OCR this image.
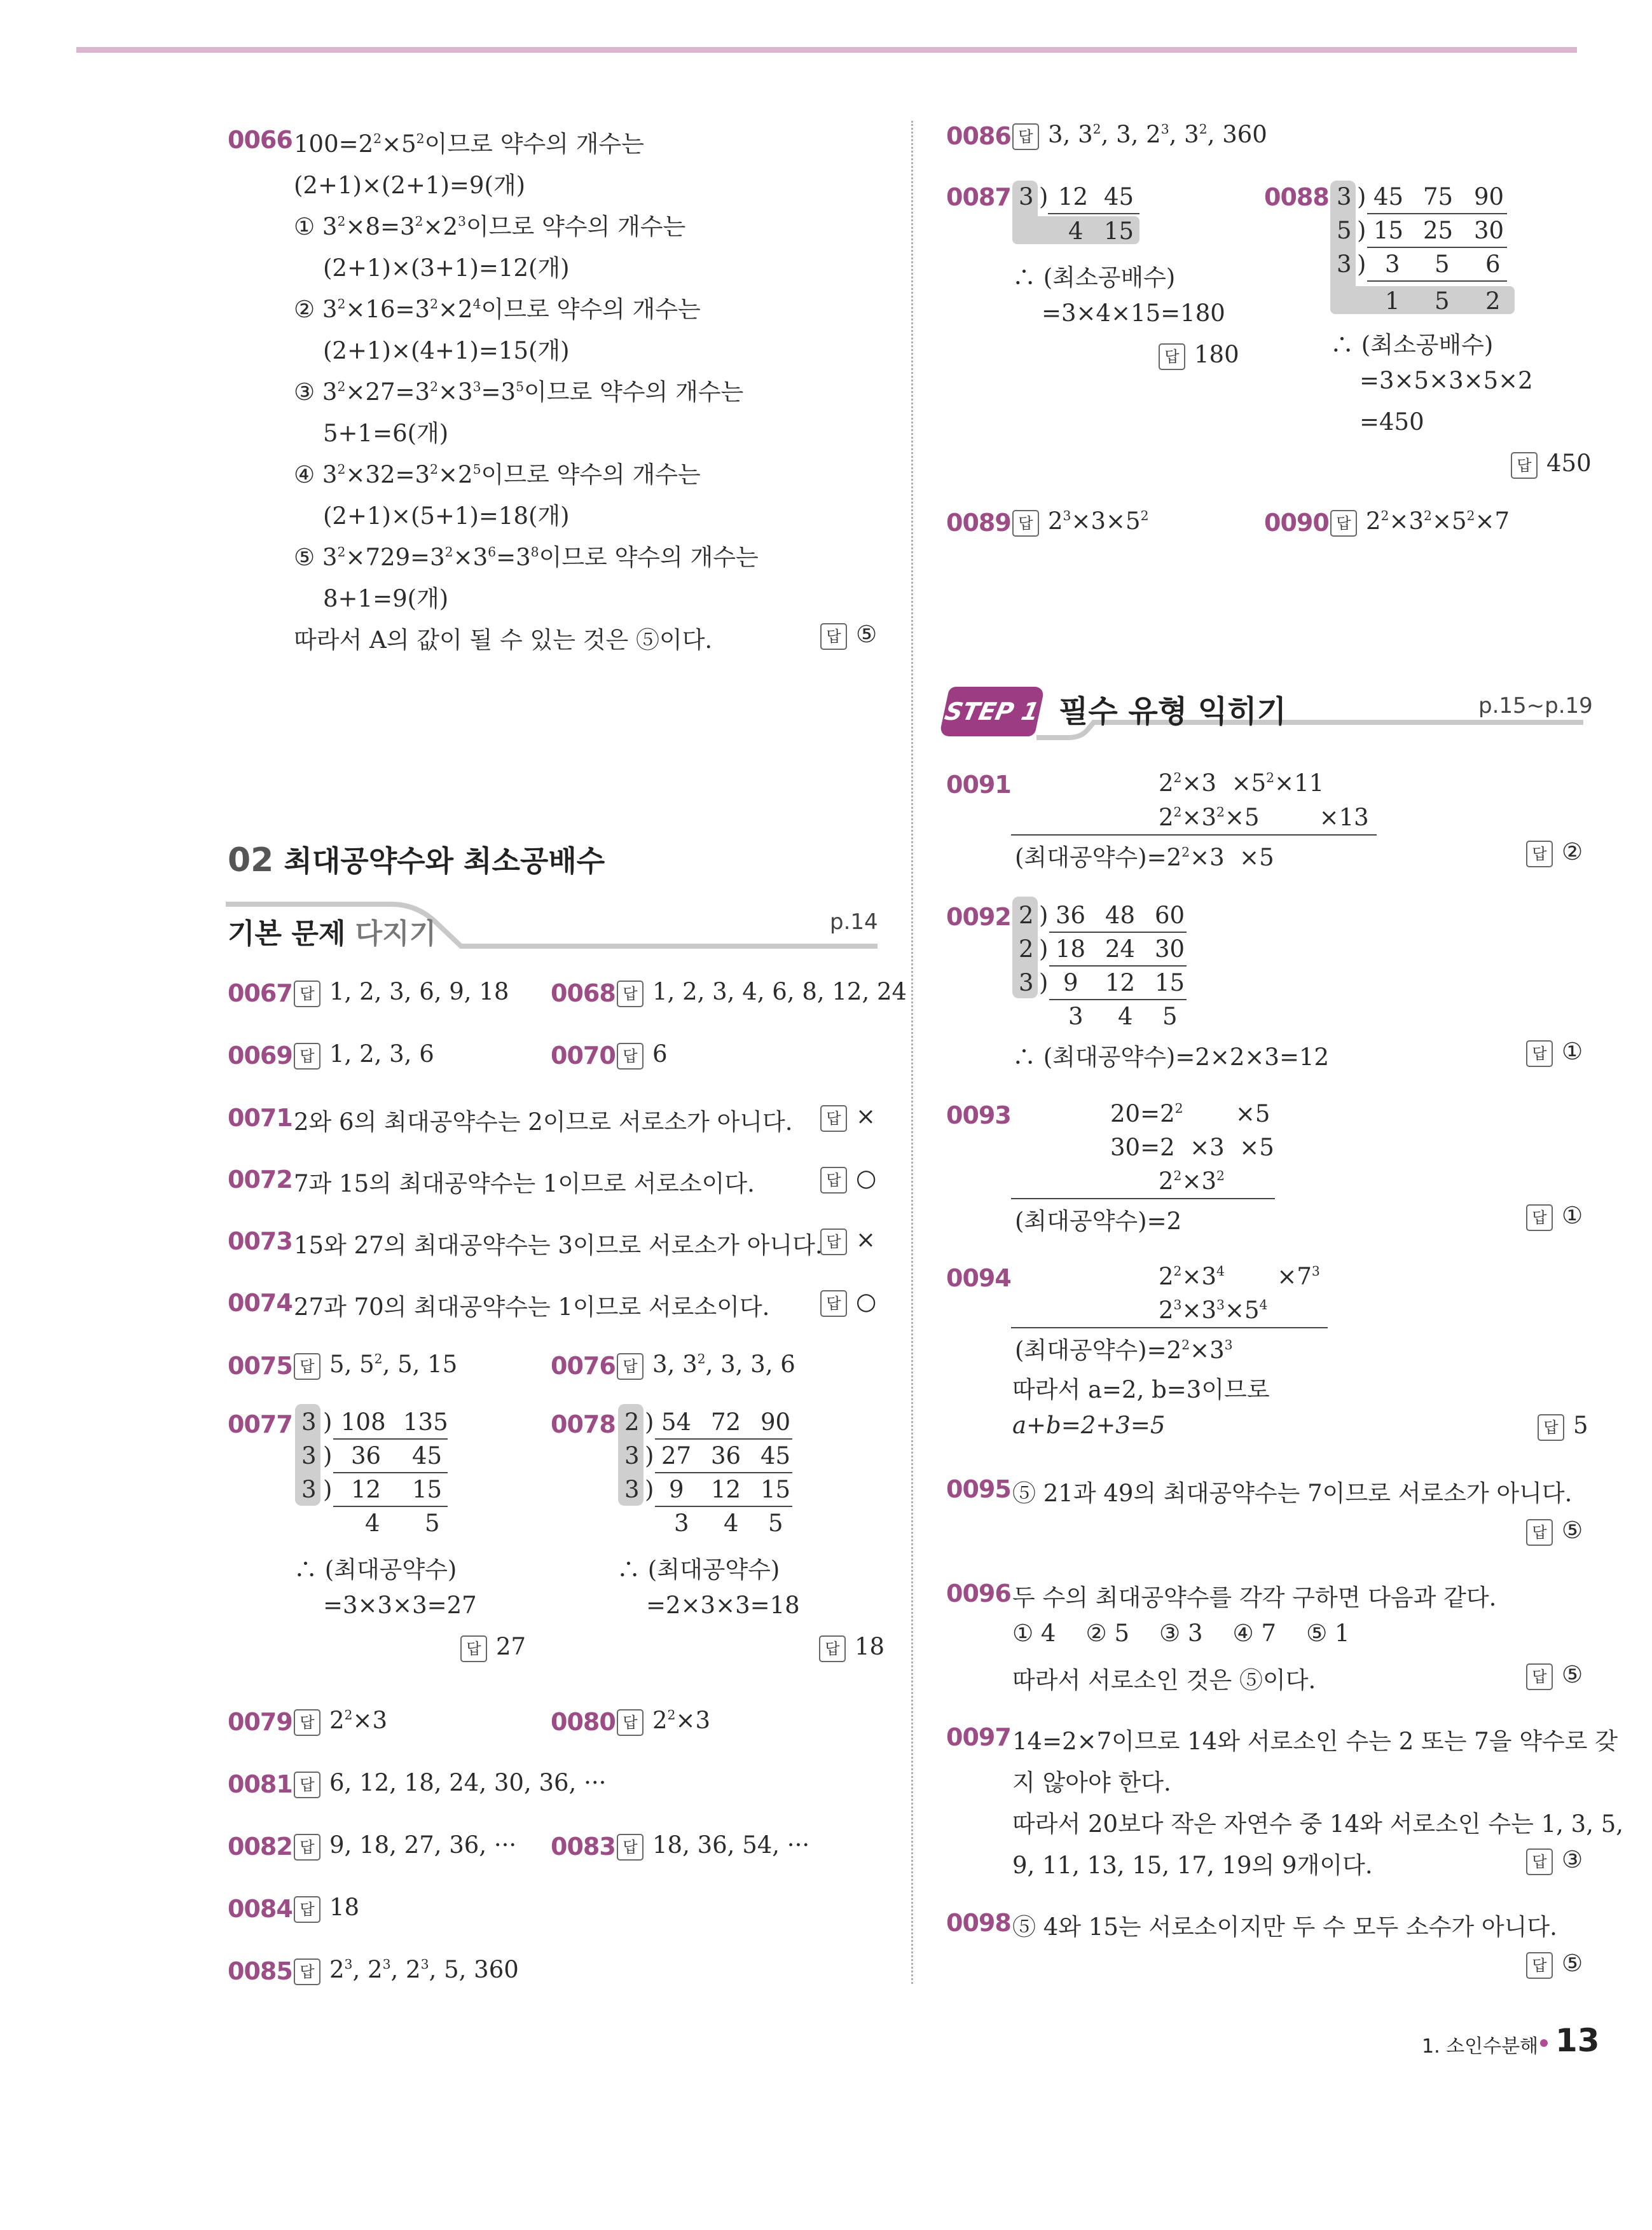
0066 $100=2^2\times 5^2$이므로 약수의 개수는
(2+1)×(2+1)=9(개)
① $3^2\times 8=3^2\times 2^3$이므로 약수의 개수는
(2+1)×(3+1)=12(개)
② $3^2\times 16=3^2\times 2^4$이므로 약수의 개수는
(2+1)×(4+1)=15(개)
③ $3^2\times 27=3^2\times 3^3=3^5$이므로 약수의 개수는
5+1=6(개)
④ $3^2\times 32=3^2\times 2^5$이므로 약수의 개수는
(2+1)×(5+1)=18(개)
⑤ $3^2\times 729=3^2\times 3^6=3^8$이므로 약수의 개수는
8+1=9(개)
따라서 A의 값이 될 수 있는 것은 ⑤이다.	답 ⑤
02 최대공약수와 최소공배수
기본 문제 다지기	p.14
0067 답 1, 2, 3, 6, 9, 18 0068 답 1, 2, 3, 4, 6, 8, 12, 24
0069 답 1, 2, 3, 6	0070 답 6
0071 2와 6의 최대공약수는 2이므로 서로소가 아니다.	답 ×
0072 7과 15의 최대공약수는 1이므로 서로소이다.	답 ○
0073 15와 27의 최대공약수는 3이므로 서로소가 아니다. 답 ×
0074 27과 70의 최대공약수는 1이므로 서로소이다.	답 ○
0075 답 5, $5^2$, 5, 15	0076 답 3, $3^2$, 3, 3, 6
0077 3 ) 108 135
3 ) 36 45
3 ) 12 15
4 5
∴ (최대공약수)
=3×3×3=27
답 27
0078 2 ) 54 72 90
3 ) 27 36 45
3 ) 9 12 15
3 4 5
∴ (최대공약수)
=2×3×3=18
답 18
0079 답 $2^2\times 3$	0080 답 $2^2\times 3$
0081 답 6, 12, 18, 24, 30, 36, ···
0082 답 9, 18, 27, 36, ··· 0083 답 18, 36, 54, ···
0084 답 18
0085 답 $2^3$, $2^3$, $2^3$, 5, 360
0086 답 3, $3^2$, 3, $2^3$, $3^2$, 360
0087 3 ) 12 45
4 15
∴ (최소공배수)
=3×4×15=180
답 180
0088 3 ) 45 75 90
5 ) 15 25 30
3 ) 3 5 6
1 5 2
∴ (최소공배수)
=3×5×3×5×2
=450
답 450
0089 답 $2^3\times 3\times 5^2$	0090 답 $2^2\times 3^2\times 5^2\times 7$
STEP 1 필수 유형 익히기	p.15~p.19
0091	$2^2\times 3 \times 5^2\times 11$
$2^2\times 3^2\times 5$        ×13
(최대공약수)$=2^2\times 3 \times 5$	답 ②
0092 2 ) 36 48 60
2 ) 18 24 30
3 ) 9 12 15
3 4 5
∴ (최대공약수)=2×2×3=12	답 ①
0093	$20=2^2$       ×5
30=2  ×3  ×5
$2^2\times 3^2$
(최대공약수)=2	답 ①
0094	$2^2\times 3^4$       $\times 7^3$
$2^3\times 3^3\times 5^4$
(최대공약수)$=2^2\times 3^3$
따라서 a=2, b=3이므로
a+b=2+3=5	답 5
0095 ⑤ 21과 49의 최대공약수는 7이므로 서로소가 아니다.
답 ⑤
0096 두 수의 최대공약수를 각각 구하면 다음과 같다.
① 4    ② 5    ③ 3    ④ 7    ⑤ 1
따라서 서로소인 것은 ⑤이다.	답 ⑤
0097 14=2×7이므로 14와 서로소인 수는 2 또는 7을 약수로 갖
지 않아야 한다.
따라서 20보다 작은 자연수 중 14와 서로소인 수는 1, 3, 5,
9, 11, 13, 15, 17, 19의 9개이다.	답 ③
0098 ⑤ 4와 15는 서로소이지만 두 수 모두 소수가 아니다.
답 ⑤
1. 소인수분해 13
